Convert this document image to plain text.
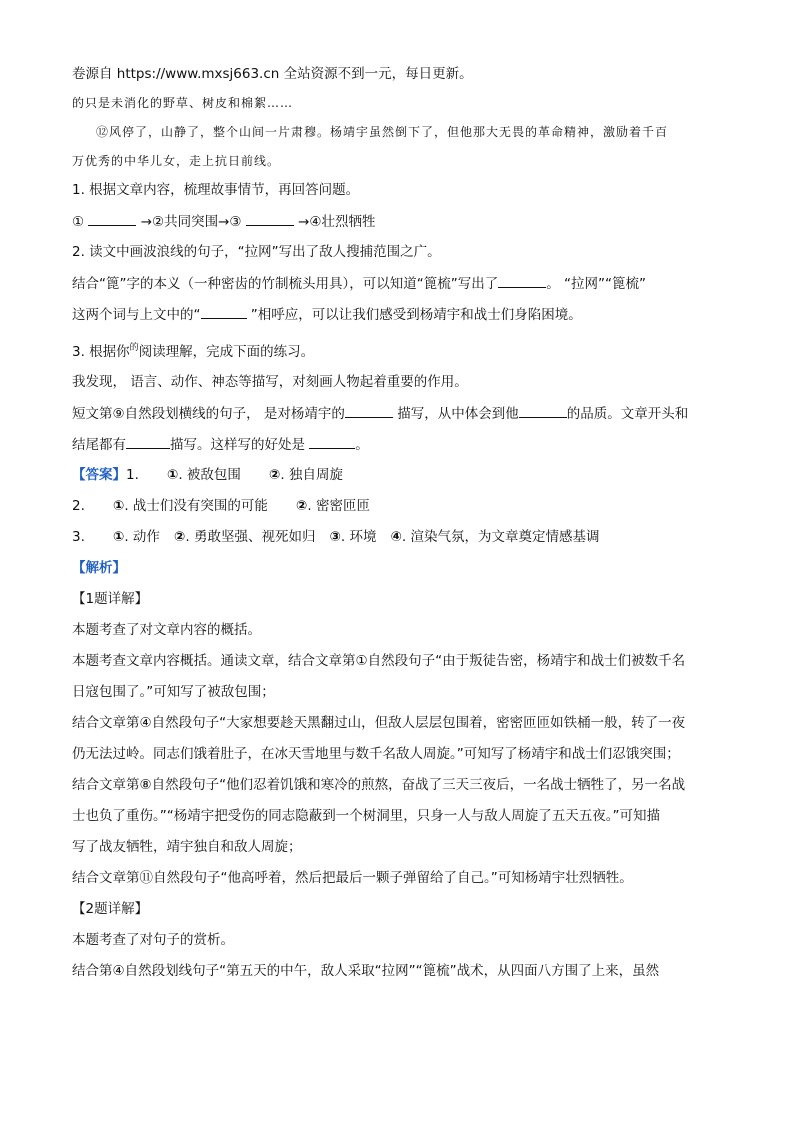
卷源自 https://www.mxsj663.cn 全站资源不到一元，每日更新。
的只是未消化的野草、树皮和棉絮……
⑫风停了，山静了，整个山间一片肃穆。杨靖宇虽然倒下了，但他那大无畏的革命精神，激励着千百
万优秀的中华儿女，走上抗日前线。
1. 根据文章内容，梳理故事情节，再回答问题。
①	→②共同突围→③	→④壮烈牺牲
2. 读文中画波浪线的句子，“拉网”写出了敌人搜捕范围之广。
结合“篦”字的本义（一种密齿的竹制梳头用具），可以知道“篦梳”写出了	。 “拉网”“篦梳”
这两个词与上文中的“	”相呼应，可以让我们感受到杨靖宇和战士们身陷困境。
3. 根据你$^的$阅读理解，完成下面的练习。
我发现， 语言、动作、神态等描写，对刻画人物起着重要的作用。
短文第⑨自然段划横线的句子， 是对杨靖宇的	描写，从中体会到他	的品质。文章开头和
结尾都有	描写。这样写的好处是	。
【答案】1. ①. 被敌包围 ②. 独自周旋
2. ①. 战士们没有突围的可能 ②. 密密匝匝
3. ①. 动作 ②. 勇敢坚强、视死如归 ③. 环境 ④. 渲染气氛，为文章奠定情感基调
【解析】
【1题详解】
本题考查了对文章内容的概括。
本题考查文章内容概括。通读文章，结合文章第①自然段句子“由于叛徒告密，杨靖宇和战士们被数千名
日寇包围了。”可知写了被敌包围；
结合文章第④自然段句子“大家想要趁天黑翻过山，但敌人层层包围着，密密匝匝如铁桶一般，转了一夜
仍无法过岭。同志们饿着肚子，在冰天雪地里与数千名敌人周旋。”可知写了杨靖宇和战士们忍饿突围；
结合文章第⑧自然段句子“他们忍着饥饿和寒冷的煎熬，奋战了三天三夜后，一名战士牺牲了，另一名战
士也负了重伤。”“杨靖宇把受伤的同志隐蔽到一个树洞里，只身一人与敌人周旋了五天五夜。”可知描
写了战友牺牲，靖宇独自和敌人周旋；
结合文章第⑪自然段句子“他高呼着，然后把最后一颗子弹留给了自己。”可知杨靖宇壮烈牺牲。
【2题详解】
本题考查了对句子的赏析。
结合第④自然段划线句子“第五天的中午，敌人采取“拉网”“篦梳”战术，从四面八方围了上来，虽然
